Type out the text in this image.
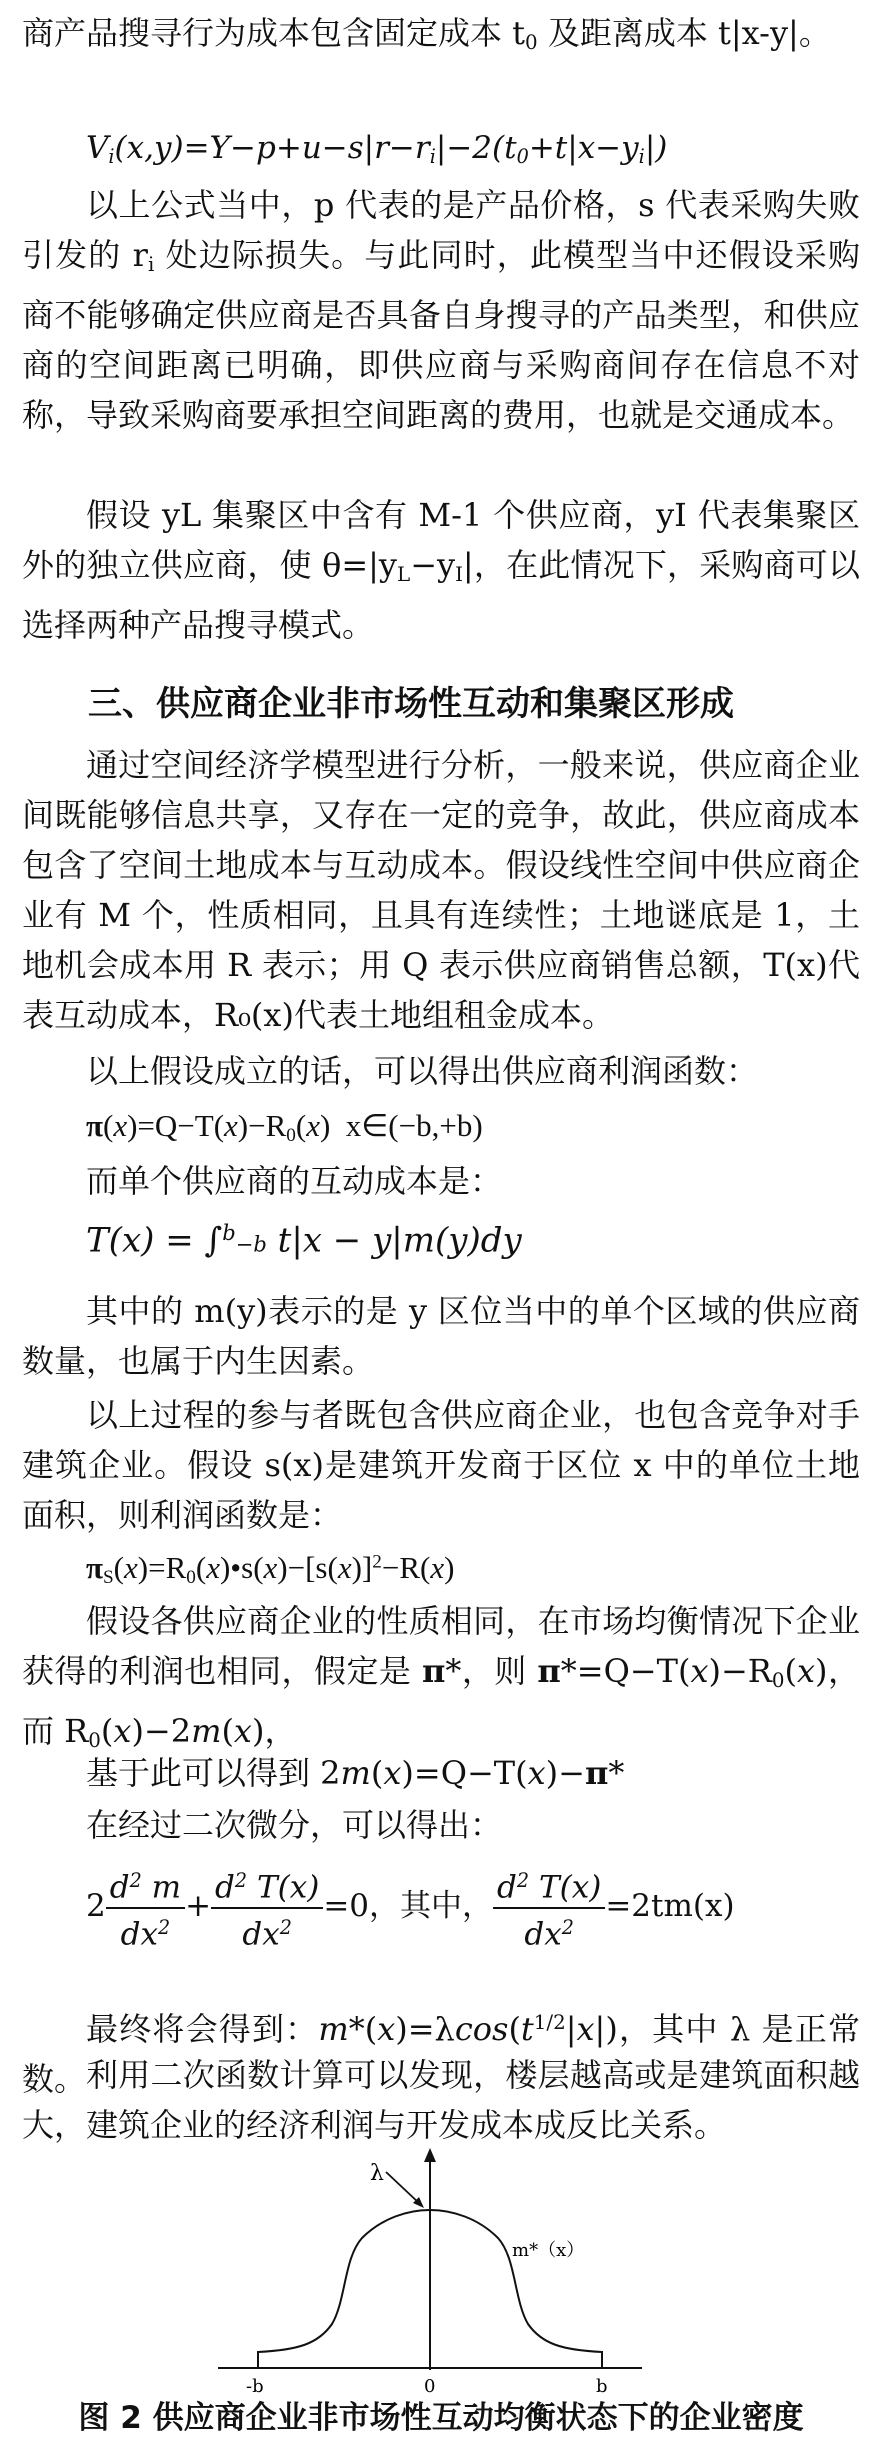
商产品搜寻行为成本包含固定成本 $t_0$ 及距离成本 t|x-y|。
$V_i(x,y)=Y-p+u-s|r-r_i|-2(t_0+t|x-y_i|)$
以上公式当中，p 代表的是产品价格，s 代表采购失败引发的 $r_i$ 处边际损失。与此同时，此模型当中还假设采购商不能够确定供应商是否具备自身搜寻的产品类型，和供应商的空间距离已明确，即供应商与采购商间存在信息不对称，导致采购商要承担空间距离的费用，也就是交通成本。
假设 yL 集聚区中含有 M-1 个供应商，yI 代表集聚区外的独立供应商，使 $\theta=|y_L-y_I|$，在此情况下，采购商可以选择两种产品搜寻模式。
三、供应商企业非市场性互动和集聚区形成
通过空间经济学模型进行分析，一般来说，供应商企业间既能够信息共享，又存在一定的竞争，故此，供应商成本包含了空间土地成本与互动成本。假设线性空间中供应商企业有 M 个，性质相同，且具有连续性；土地谜底是 1，土地机会成本用 R 表示；用 Q 表示供应商销售总额，T(x)代表互动成本，R₀(x)代表土地组租金成本。
以上假设成立的话，可以得出供应商利润函数：
$\pi(x)=Q-T(x)-R_0(x)$  x∈(−b,+b)
而单个供应商的互动成本是：
T(x) = ∫$^b$−b t|x − y|m(y)dy
其中的 m(y)表示的是 y 区位当中的单个区域的供应商数量，也属于内生因素。
以上过程的参与者既包含供应商企业，也包含竞争对手建筑企业。假设 s(x)是建筑开发商于区位 x 中的单位土地面积，则利润函数是：
$\pi_S(x)=R_0(x)•s(x)-[s(x)]^2-R(x)$
假设各供应商企业的性质相同，在市场均衡情况下企业获得的利润也相同，假定是 π*，则 $\pi*=Q-T(x)-R_0(x)$，而 $R_0(x)-2m(x)$，
基于此可以得到 2m(x)=Q−T(x)−π*
在经过二次微分，可以得出：
$2 \frac{d^2 m}{dx^2} + \frac{d^2 T(x)}{dx^2} =0$，其中， $\frac{d^2 T(x)}{dx^2} =2tm(x)$
最终将会得到：$m*(x)=\lambda\cos(t^{1/2}|x|)$，其中 λ 是正常数。 利用二次函数计算可以发现，楼层越高或是建筑面积越大，建筑企业的经济利润与开发成本成反比关系。
λ
m*（x）
-b	0	b
图 2 供应商企业非市场性互动均衡状态下的企业密度
